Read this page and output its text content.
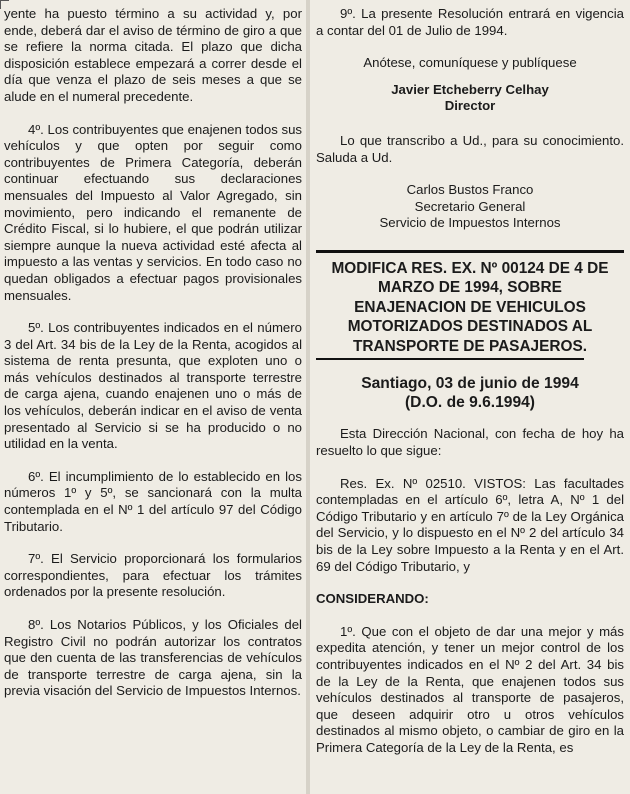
yente ha puesto término a su actividad y, por ende, deberá dar el aviso de término de giro a que se refiere la norma citada. El plazo que dicha disposición establece empezará a correr desde el día que venza el plazo de seis meses a que se alude en el numeral precedente.

4º. Los contribuyentes que enajenen todos sus vehículos y que opten por seguir como contribuyentes de Primera Categoría, deberán continuar efectuando sus declaraciones mensuales del Impuesto al Valor Agregado, sin movimiento, pero indicando el remanente de Crédito Fiscal, si lo hubiere, el que podrán utilizar siempre aunque la nueva actividad esté afecta al impuesto a las ventas y servicios. En todo caso no quedan obligados a efectuar pagos provisionales mensuales.

5º. Los contribuyentes indicados en el número 3 del Art. 34 bis de la Ley de la Renta, acogidos al sistema de renta presunta, que exploten uno o más vehículos destinados al transporte terrestre de carga ajena, cuando enajenen uno o más de los vehículos, deberán indicar en el aviso de venta presentado al Servicio si se ha producido o no utilidad en la venta.

6º. El incumplimiento de lo establecido en los números 1º y 5º, se sancionará con la multa contemplada en el Nº 1 del artículo 97 del Código Tributario.

7º. El Servicio proporcionará los formularios correspondientes, para efectuar los trámites ordenados por la presente resolución.

8º. Los Notarios Públicos, y los Oficiales del Registro Civil no podrán autorizar los contratos que den cuenta de las transferencias de vehículos de transporte terrestre de carga ajena, sin la previa visación del Servicio de Impuestos Internos.

9º. La presente Resolución entrará en vigencia a contar del 01 de Julio de 1994.

Anótese, comuníquese y publíquese

Javier Etcheberry Celhay
Director

Lo que transcribo a Ud., para su conocimiento. Saluda a Ud.

Carlos Bustos Franco
Secretario General
Servicio de Impuestos Internos
MODIFICA RES. EX. Nº 00124 DE 4 DE MARZO DE 1994, SOBRE ENAJENACION DE VEHICULOS MOTORIZADOS DESTINADOS AL TRANSPORTE DE PASAJEROS.
Santiago, 03 de junio de 1994
(D.O. de 9.6.1994)

Esta Dirección Nacional, con fecha de hoy ha resuelto lo que sigue:

Res. Ex. Nº 02510. VISTOS: Las facultades contempladas en el artículo 6º, letra A, Nº 1 del Código Tributario y en artículo 7º de la Ley Orgánica del Servicio, y lo dispuesto en el Nº 2 del artículo 34 bis de la Ley sobre Impuesto a la Renta y en el Art. 69 del Código Tributario, y

CONSIDERANDO:

1º. Que con el objeto de dar una mejor y más expedita atención, y tener un mejor control de los contribuyentes indicados en el Nº 2 del Art. 34 bis de la Ley de la Renta, que enajenen todos sus vehículos destinados al transporte de pasajeros, que deseen adquirir otro u otros vehículos destinados al mismo objeto, o cambiar de giro en la Primera Categoría de la Ley de la Renta, es
